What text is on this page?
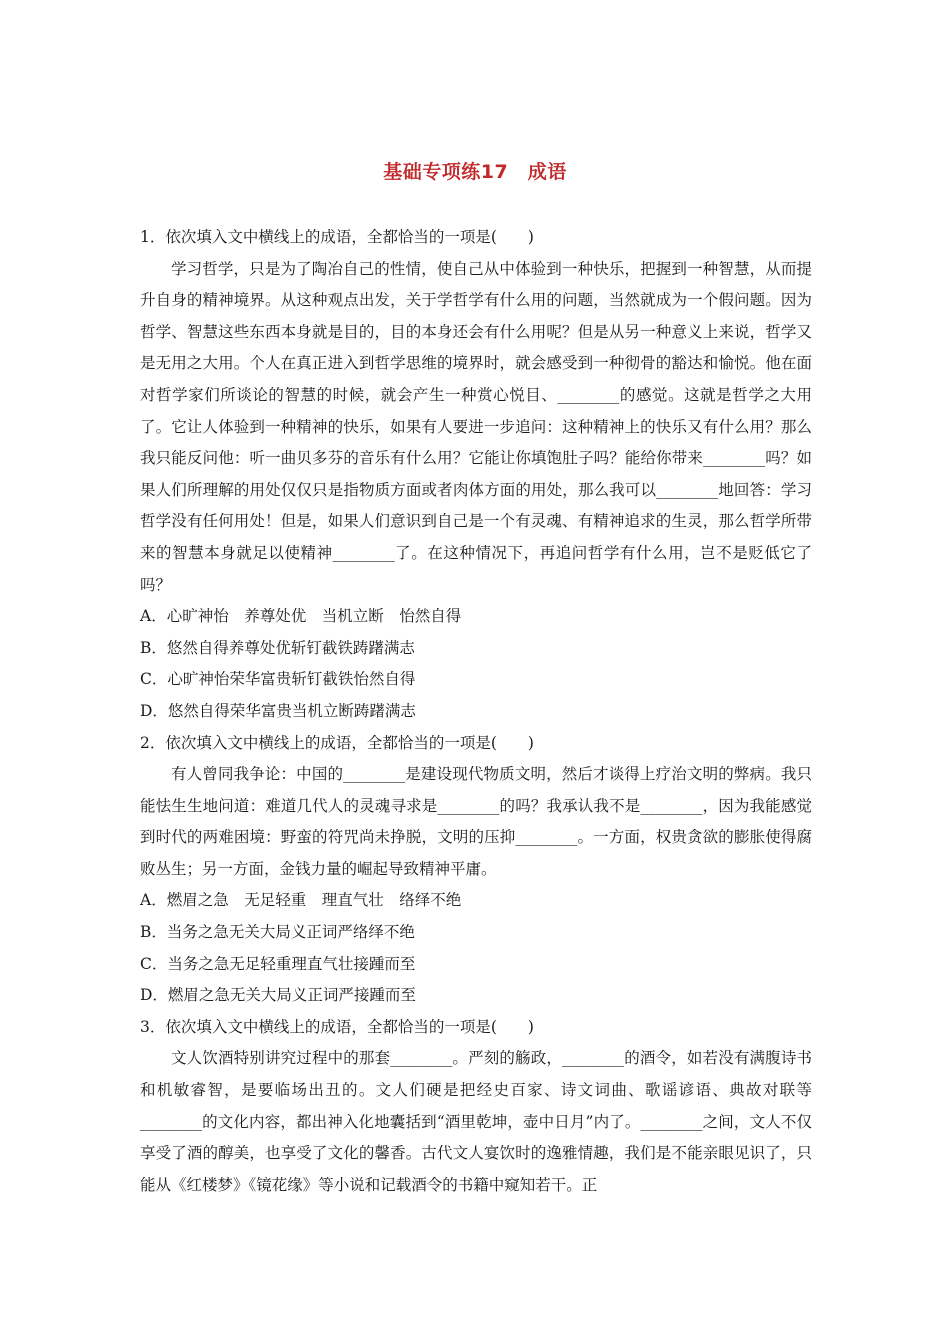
基础专项练17　成语

1．依次填入文中横线上的成语，全都恰当的一项是(　　)

学习哲学，只是为了陶冶自己的性情，使自己从中体验到一种快乐，把握到一种智慧，从而提升自身的精神境界。从这种观点出发，关于学哲学有什么用的问题，当然就成为一个假问题。因为哲学、智慧这些东西本身就是目的，目的本身还会有什么用呢？但是从另一种意义上来说，哲学又是无用之大用。个人在真正进入到哲学思维的境界时，就会感受到一种彻骨的豁达和愉悦。他在面对哲学家们所谈论的智慧的时候，就会产生一种赏心悦目、________的感觉。这就是哲学之大用了。它让人体验到一种精神的快乐，如果有人要进一步追问：这种精神上的快乐又有什么用？那么我只能反问他：听一曲贝多芬的音乐有什么用？它能让你填饱肚子吗？能给你带来________吗？如果人们所理解的用处仅仅只是指物质方面或者肉体方面的用处，那么我可以________地回答：学习哲学没有任何用处！但是，如果人们意识到自己是一个有灵魂、有精神追求的生灵，那么哲学所带来的智慧本身就足以使精神________了。在这种情况下，再追问哲学有什么用，岂不是贬低它了吗？

A．心旷神怡　养尊处优　当机立断　怡然自得

B．悠然自得养尊处优斩钉截铁踌躇满志

C．心旷神怡荣华富贵斩钉截铁怡然自得

D．悠然自得荣华富贵当机立断踌躇满志

2．依次填入文中横线上的成语，全都恰当的一项是(　　)

有人曾同我争论：中国的________是建设现代物质文明，然后才谈得上疗治文明的弊病。我只能怯生生地问道：难道几代人的灵魂寻求是________的吗？我承认我不是________，因为我能感觉到时代的两难困境：野蛮的符咒尚未挣脱，文明的压抑________。一方面，权贵贪欲的膨胀使得腐败丛生；另一方面，金钱力量的崛起导致精神平庸。

A．燃眉之急　无足轻重　理直气壮　络绎不绝

B．当务之急无关大局义正词严络绎不绝

C．当务之急无足轻重理直气壮接踵而至

D．燃眉之急无关大局义正词严接踵而至

3．依次填入文中横线上的成语，全都恰当的一项是(　　)

文人饮酒特别讲究过程中的那套________。严刻的觞政，________的酒令，如若没有满腹诗书和机敏睿智，是要临场出丑的。文人们硬是把经史百家、诗文词曲、歌谣谚语、典故对联等________的文化内容，都出神入化地囊括到“酒里乾坤，壶中日月”内了。________之间，文人不仅享受了酒的醇美，也享受了文化的馨香。古代文人宴饮时的逸雅情趣，我们是不能亲眼见识了，只能从《红楼梦》《镜花缘》等小说和记载酒令的书籍中窥知若干。正
